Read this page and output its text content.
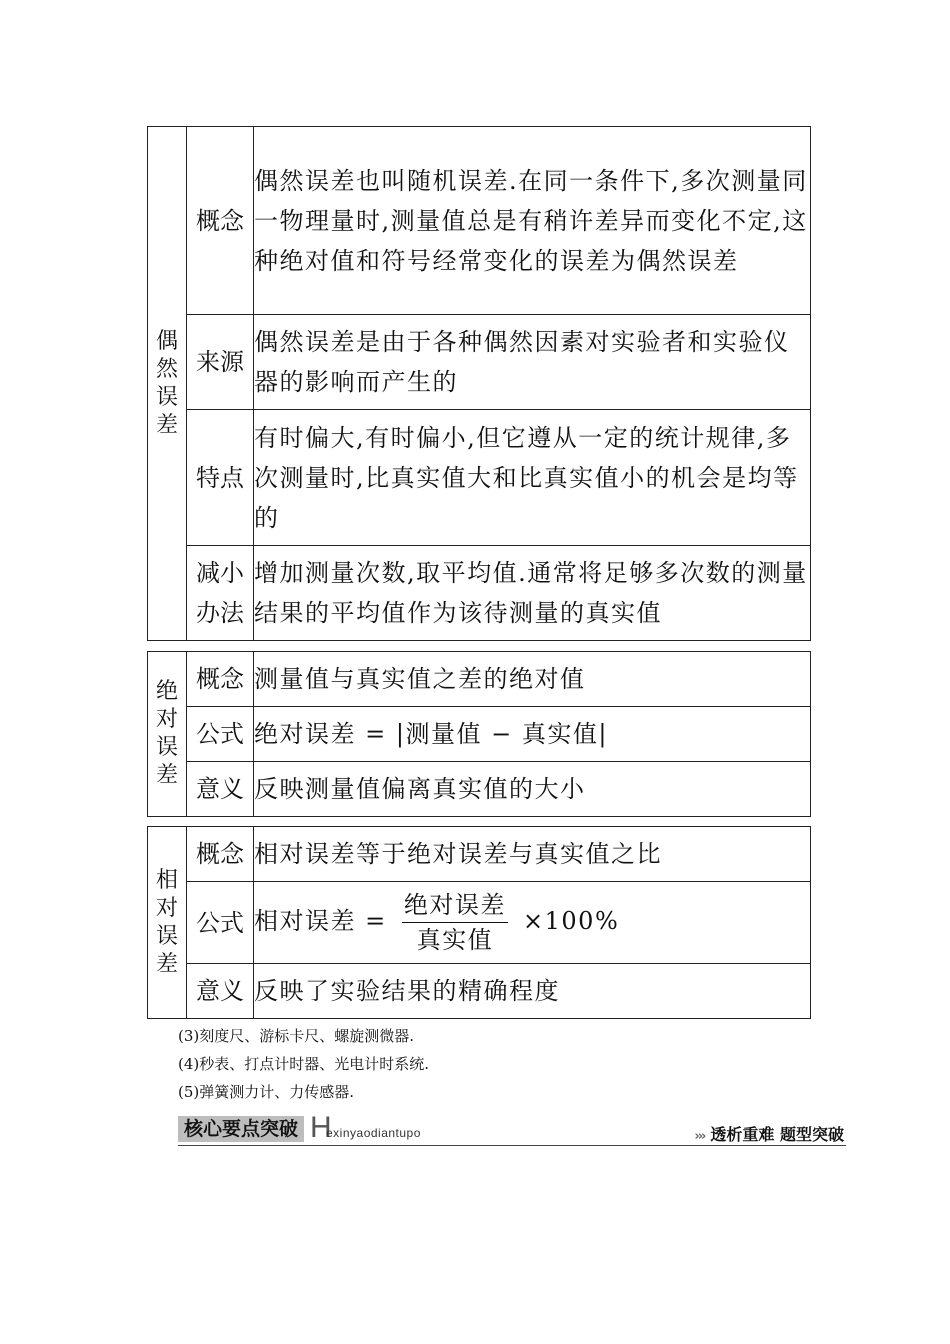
偶然误差	概念	偶然误差也叫随机误差.在同一条件下,多次测量同一物理量时,测量值总是有稍许差异而变化不定,这种绝对值和符号经常变化的误差为偶然误差
	来源	偶然误差是由于各种偶然因素对实验者和实验仪器的影响而产生的
	特点	有时偏大,有时偏小,但它遵从一定的统计规律,多次测量时,比真实值大和比真实值小的机会是均等的
	减小办法	增加测量次数,取平均值.通常将足够多次数的测量结果的平均值作为该待测量的真实值
绝对误差	概念	测量值与真实值之差的绝对值
	公式	绝对误差 = |测量值 − 真实值|
	意义	反映测量值偏离真实值的大小
相对误差	概念	相对误差等于绝对误差与真实值之比
	公式	相对误差 = $\frac{\text{绝对误差}}{\text{真实值}} \times 100\%$
	意义	反映了实验结果的精确程度
(3)刻度尺、游标卡尺、螺旋测微器.
(4)秒表、打点计时器、光电计时系统.
(5)弹簧测力计、力传感器.
核心要点突破 H
exinyaodiantupo	››› 透析重难 题型突破
